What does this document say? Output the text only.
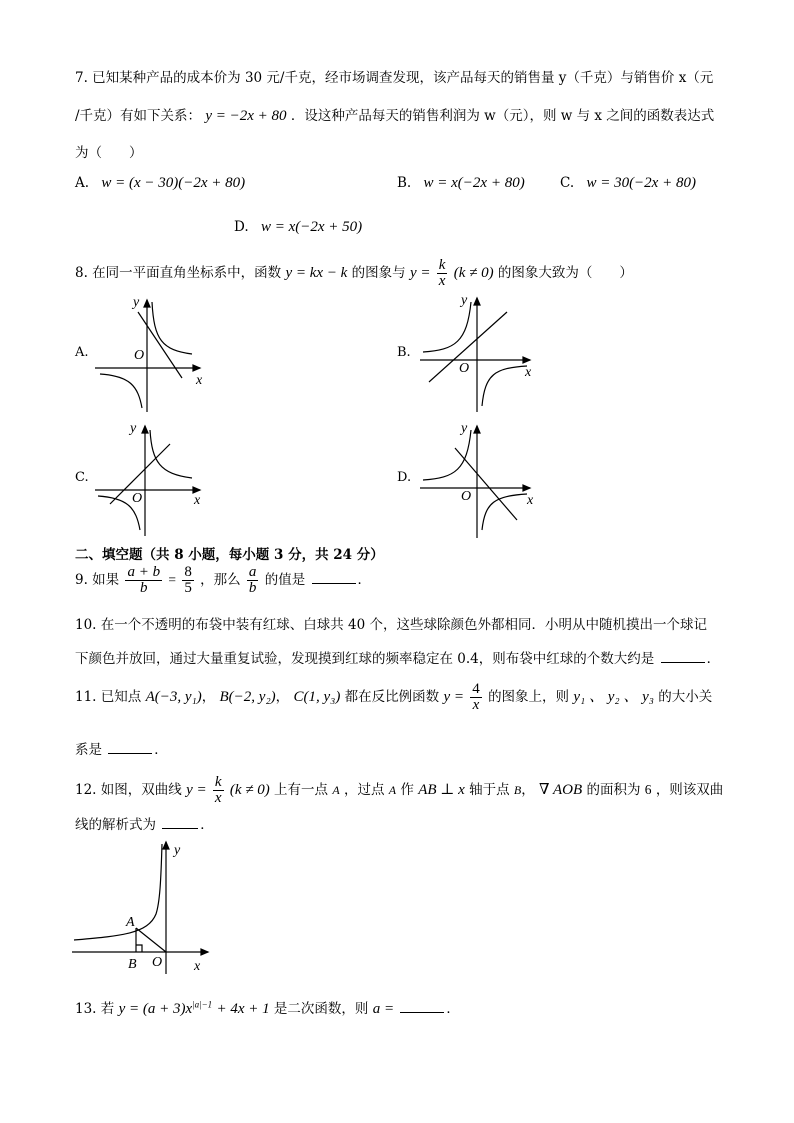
7. 已知某种产品的成本价为 30 元/千克，经市场调查发现，该产品每天的销售量 y（千克）与销售价 x（元
/千克）有如下关系： y = −2x + 80 ．设这种产品每天的销售利润为 w（元），则 w 与 x 之间的函数表达式
为（　　）
A. w = (x − 30)(−2x + 80)	B. w = x(−2x + 80)	C. w = 30(−2x + 80)
D. w = x(−2x + 50)
8. 在同一平面直角坐标系中，函数 y = kx − k 的图象与 $y = \frac{k}{x} (k \ne 0)$ 的图象大致为（　　）
A.
y
x
O	B.
y
x
O
C.
y
x
O
D.
y
x
O
二、填空题（共 8 小题，每小题 3 分，共 24 分）
9. 如果 $\frac{a + b}{b} = \frac{8}{5}$ ，那么 $\frac{a}{b}$ 的值是	．
10. 在一个不透明的布袋中装有红球、白球共 40 个，这些球除颜色外都相同．小明从中随机摸出一个球记
下颜色并放回，通过大量重复试验，发现摸到红球的频率稳定在 0.4，则布袋中红球的个数大约是	．
11. 已知点 A(−3, y₁)， B(−2, y₂)， C(1, y₃) 都在反比例函数 $y = \frac{4}{x}$ 的图象上，则 y₁ 、 y₂ 、 y₃ 的大小关
系是	．
12. 如图，双曲线 $y = \frac{k}{x} (k \ne 0)$ 上有一点 A ，过点 A 作 AB ⊥ x 轴于点 B， ∇ AOB 的面积为 6 ，则该双曲
线的解析式为	．
y
x
A
B O
13. 若 $y = (a + 3)x^{|a|-1} + 4x + 1$ 是二次函数，则 a =	．
